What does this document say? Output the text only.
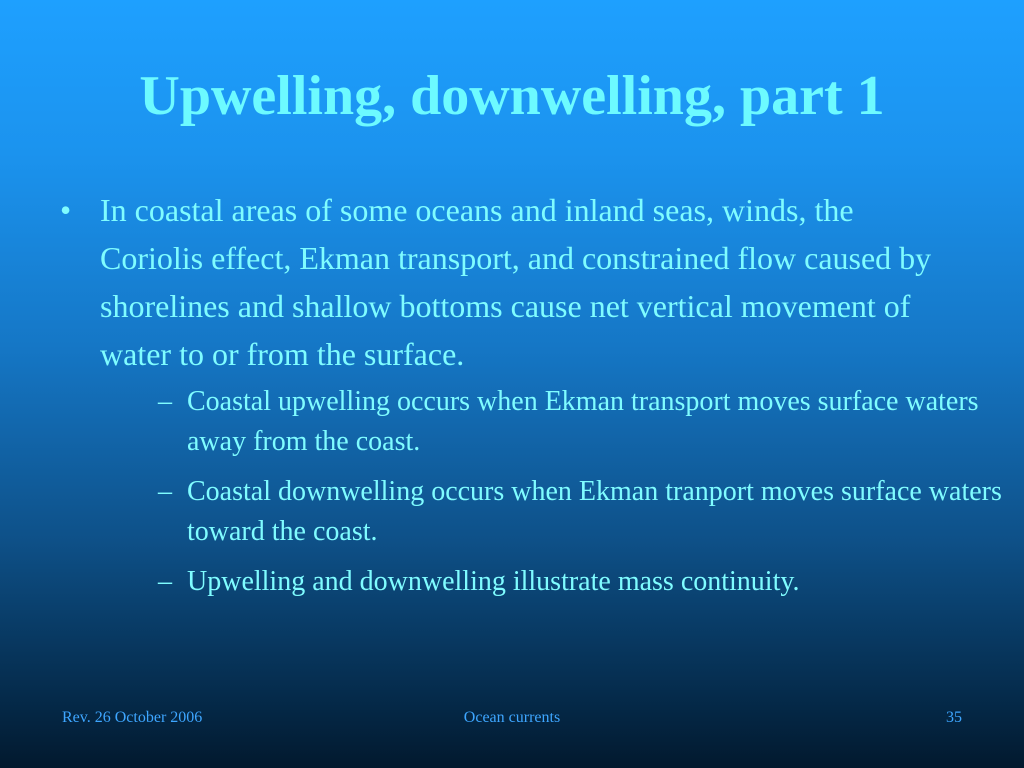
Upwelling, downwelling, part 1
• In coastal areas of some oceans and inland seas, winds, the Coriolis effect, Ekman transport, and constrained flow caused by shorelines and shallow bottoms cause net vertical movement of water to or from the surface.
– Coastal upwelling occurs when Ekman transport moves surface waters away from the coast.
– Coastal downwelling occurs when Ekman tranport moves surface waters toward the coast.
– Upwelling and downwelling illustrate mass continuity.
Rev. 26 October 2006	Ocean currents	35
